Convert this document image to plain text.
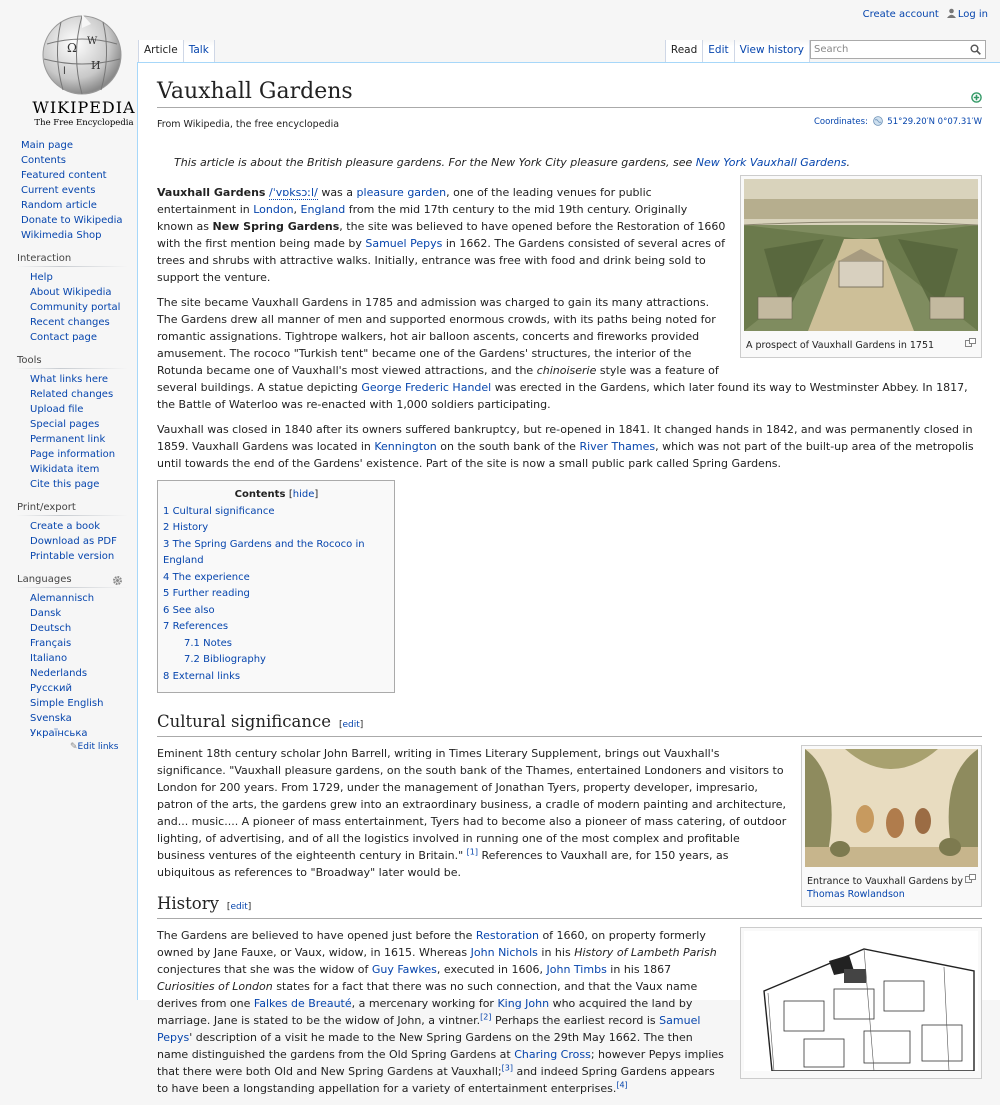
Ω W
И
ا
WIKIPEDIA
The Free Encyclopedia
Create account	Log in
Article	Talk	Read	Edit	View history
Search
Main page
Contents
Featured content
Current events
Random article
Donate to Wikipedia
Wikimedia Shop
Interaction
Help
About Wikipedia
Community portal
Recent changes
Contact page
Tools
What links here
Related changes
Upload file
Special pages
Permanent link
Page information
Wikidata item
Cite this page
Print/export
Create a book
Download as PDF
Printable version
Languages
Alemannisch
Dansk
Deutsch
Français
Italiano
Nederlands
Русский
Simple English
Svenska
Українська
✎Edit links
Vauxhall Gardens
Coordinates: 51°29.20′N 0°07.31′W
From Wikipedia, the free encyclopedia
This article is about the British pleasure gardens. For the New York City pleasure gardens, see New York Vauxhall Gardens.
A prospect of Vauxhall Gardens in 1751

Vauxhall Gardens /ˈvɒksɔːl/ was a pleasure garden, one of the leading venues for public entertainment in London, England from the mid 17th century to the mid 19th century. Originally known as New Spring Gardens, the site was believed to have opened before the Restoration of 1660 with the first mention being made by Samuel Pepys in 1662. The Gardens consisted of several acres of trees and shrubs with attractive walks. Initially, entrance was free with food and drink being sold to support the venture.

The site became Vauxhall Gardens in 1785 and admission was charged to gain its many attractions. The Gardens drew all manner of men and supported enormous crowds, with its paths being noted for romantic assignations. Tightrope walkers, hot air balloon ascents, concerts and fireworks provided amusement. The rococo "Turkish tent" became one of the Gardens' structures, the interior of the Rotunda became one of Vauxhall's most viewed attractions, and the chinoiserie style was a feature of several buildings. A statue depicting George Frederic Handel was erected in the Gardens, which later found its way to Westminster Abbey. In 1817, the Battle of Waterloo was re-enacted with 1,000 soldiers participating.

Vauxhall was closed in 1840 after its owners suffered bankruptcy, but re-opened in 1841. It changed hands in 1842, and was permanently closed in 1859. Vauxhall Gardens was located in Kennington on the south bank of the River Thames, which was not part of the built-up area of the metropolis until towards the end of the Gardens' existence. Part of the site is now a small public park called Spring Gardens.

Contents [hide]
1 Cultural significance
2 History
3 The Spring Gardens and the Rococo in England
4 The experience
5 Further reading
6 See also
7 References
7.1 Notes
7.2 Bibliography
8 External links
Cultural significance [edit]
Entrance to Vauxhall Gardens by
Thomas Rowlandson

Eminent 18th century scholar John Barrell, writing in Times Literary Supplement, brings out Vauxhall's significance. "Vauxhall pleasure gardens, on the south bank of the Thames, entertained Londoners and visitors to London for 200 years. From 1729, under the management of Jonathan Tyers, property developer, impresario, patron of the arts, the gardens grew into an extraordinary business, a cradle of modern painting and architecture, and... music.... A pioneer of mass entertainment, Tyers had to become also a pioneer of mass catering, of outdoor lighting, of advertising, and of all the logistics involved in running one of the most complex and profitable business ventures of the eighteenth century in Britain." [1] References to Vauxhall are, for 150 years, as ubiquitous as references to "Broadway" later would be.

History [edit]

The Gardens are believed to have opened just before the Restoration of 1660, on property formerly owned by Jane Fauxe, or Vaux, widow, in 1615. Whereas John Nichols in his History of Lambeth Parish conjectures that she was the widow of Guy Fawkes, executed in 1606, John Timbs in his 1867 Curiosities of London states for a fact that there was no such connection, and that the Vaux name derives from one Falkes de Breauté, a mercenary working for King John who acquired the land by marriage. Jane is stated to be the widow of John, a vintner.[2] Perhaps the earliest record is Samuel Pepys' description of a visit he made to the New Spring Gardens on the 29th May 1662. The then name distinguished the gardens from the Old Spring Gardens at Charing Cross; however Pepys implies that there were both Old and New Spring Gardens at Vauxhall;[3] and indeed Spring Gardens appears to have been a longstanding appellation for a variety of entertainment enterprises.[4]
